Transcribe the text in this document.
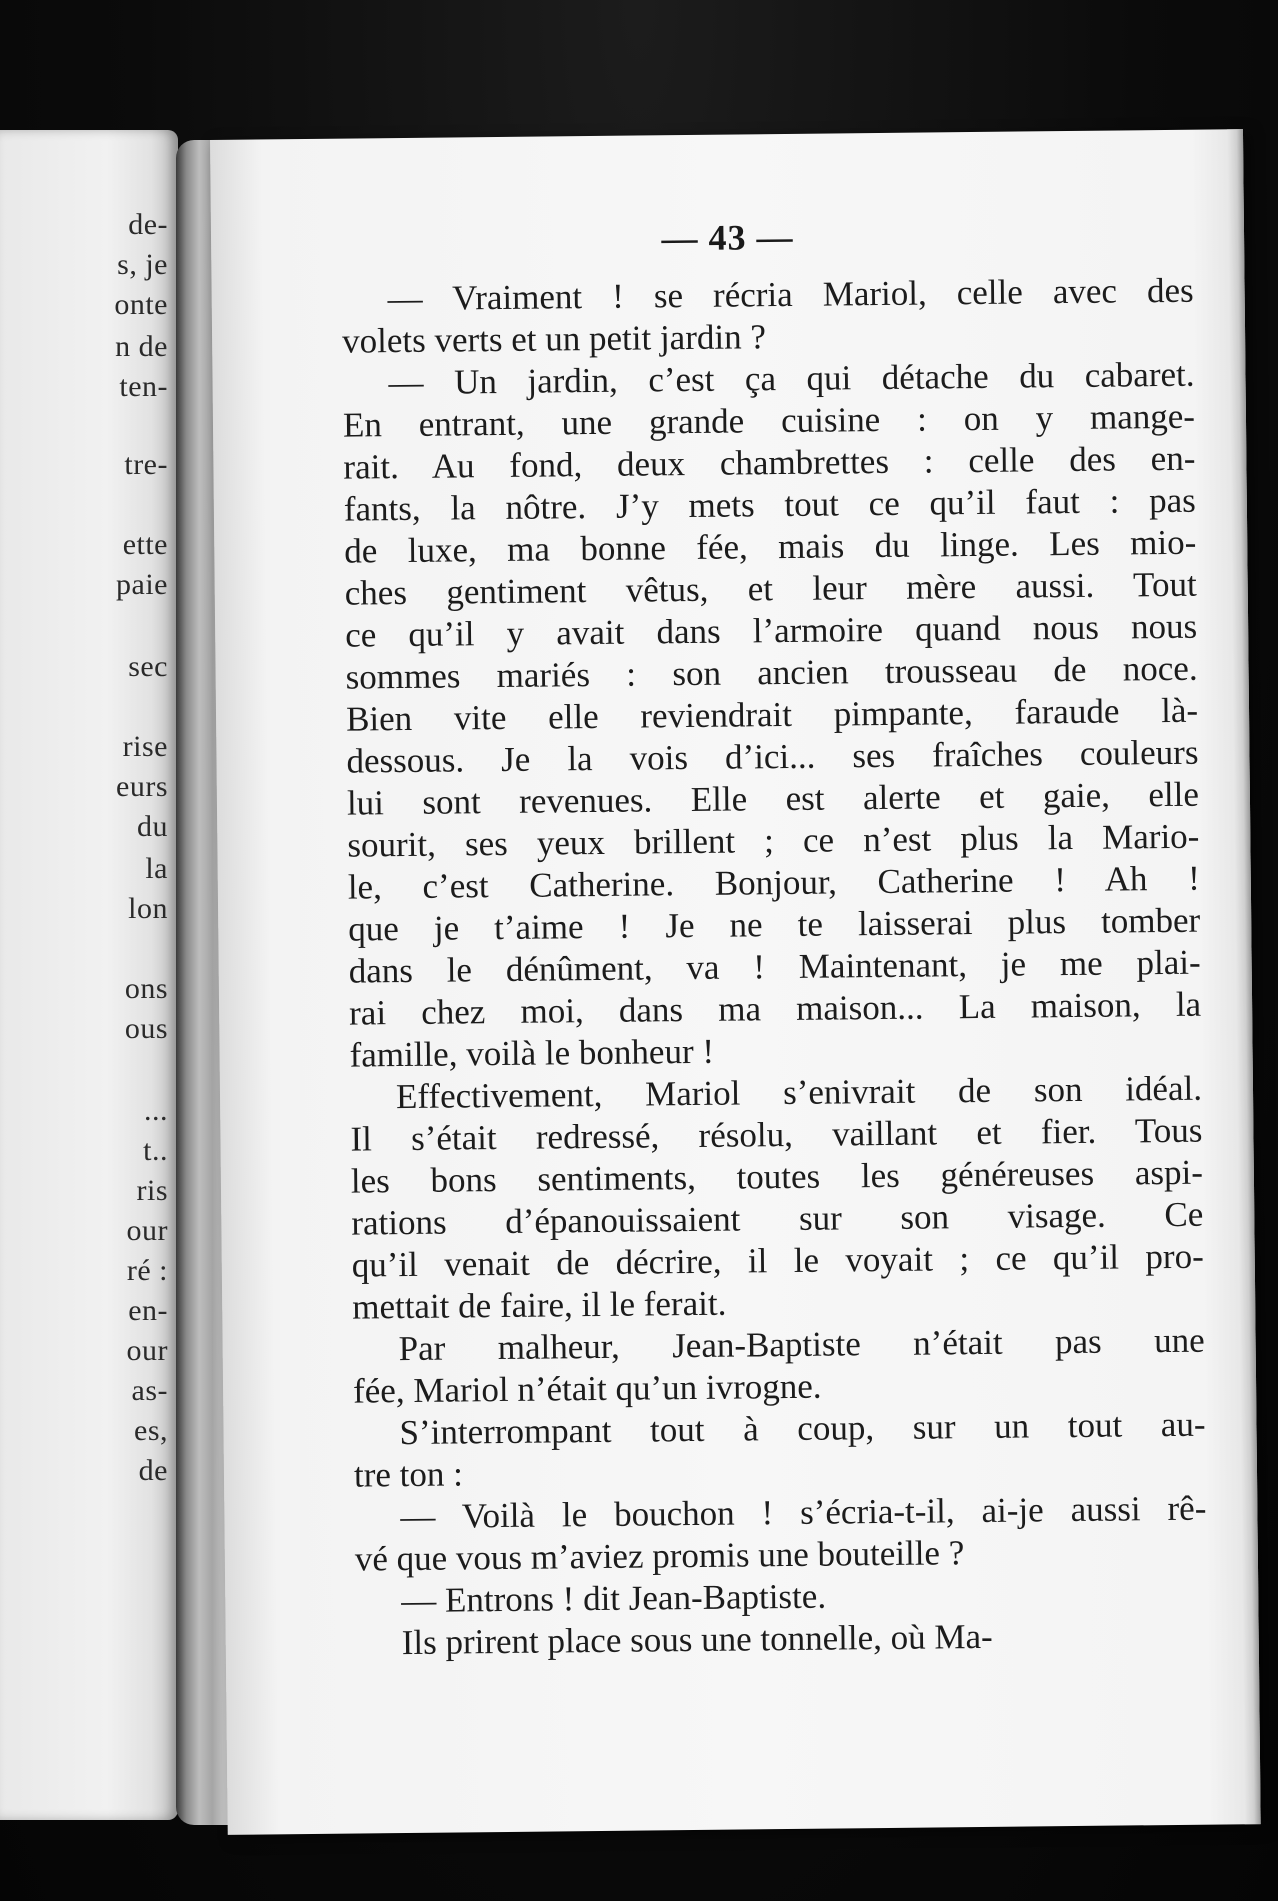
de-
s, je
onte
n de
ten-
tre-
ette
paie
sec
rise
eurs
du
la
lon
ons
ous
...
t..
ris
our
ré :
en-
our
as-
es,
de
— 43 —
— Vraiment ! se récria Mariol, celle avec des
volets verts et un petit jardin ?
— Un jardin, c’est ça qui détache du cabaret.
En entrant, une grande cuisine : on y mange-
rait. Au fond, deux chambrettes : celle des en-
fants, la nôtre. J’y mets tout ce qu’il faut : pas
de luxe, ma bonne fée, mais du linge. Les mio-
ches gentiment vêtus, et leur mère aussi. Tout
ce qu’il y avait dans l’armoire quand nous nous
sommes mariés : son ancien trousseau de noce.
Bien vite elle reviendrait pimpante, faraude là-
dessous. Je la vois d’ici... ses fraîches couleurs
lui sont revenues. Elle est alerte et gaie, elle
sourit, ses yeux brillent ; ce n’est plus la Mario-
le, c’est Catherine. Bonjour, Catherine ! Ah !
que je t’aime ! Je ne te laisserai plus tomber
dans le dénûment, va ! Maintenant, je me plai-
rai chez moi, dans ma maison... La maison, la
famille, voilà le bonheur !
Effectivement, Mariol s’enivrait de son idéal.
Il s’était redressé, résolu, vaillant et fier. Tous
les bons sentiments, toutes les généreuses aspi-
rations d’épanouissaient sur son visage. Ce
qu’il venait de décrire, il le voyait ; ce qu’il pro-
mettait de faire, il le ferait.
Par malheur, Jean-Baptiste n’était pas une
fée, Mariol n’était qu’un ivrogne.
S’interrompant tout à coup, sur un tout au-
tre ton :
— Voilà le bouchon ! s’écria-t-il, ai-je aussi rê-
vé que vous m’aviez promis une bouteille ?
— Entrons ! dit Jean-Baptiste.
Ils prirent place sous une tonnelle, où Ma-
